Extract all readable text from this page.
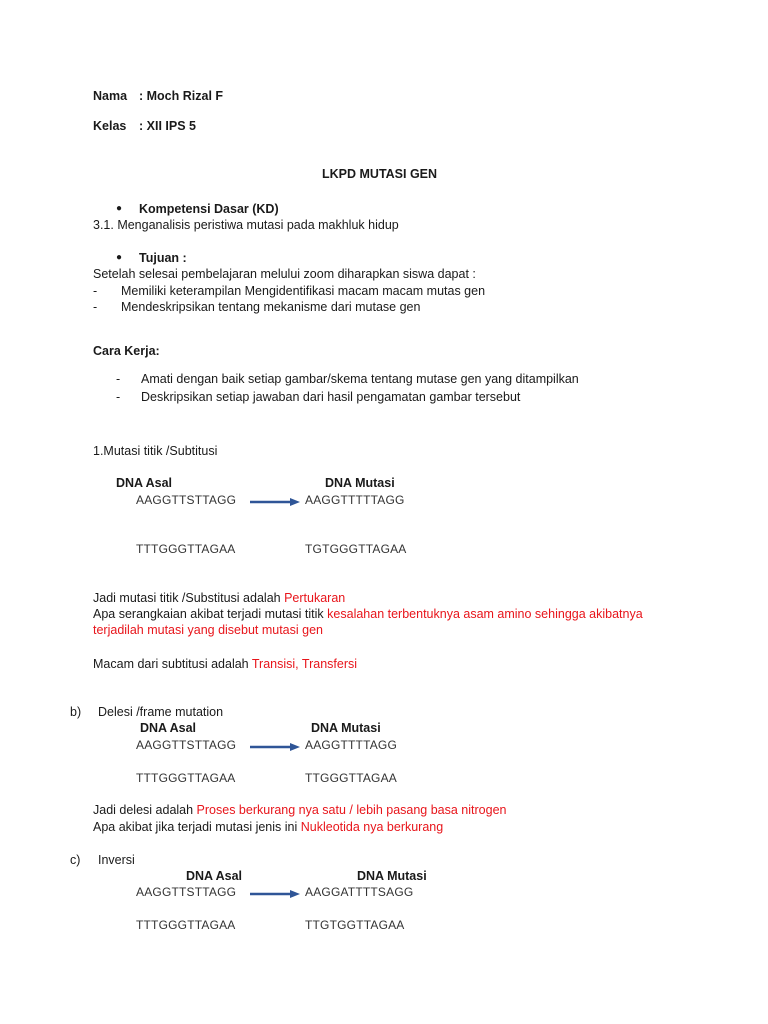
Nama : Moch Rizal F
Kelas : XII IPS 5
LKPD MUTASI GEN
● Kompetensi Dasar (KD)
3.1. Menganalisis peristiwa mutasi pada makhluk hidup
● Tujuan :
Setelah selesai pembelajaran melului zoom diharapkan siswa dapat :
- Memiliki keterampilan Mengidentifikasi macam macam mutas gen
- Mendeskripsikan tentang mekanisme dari mutase gen
Cara Kerja:
- Amati dengan baik setiap gambar/skema tentang mutase gen yang ditampilkan
- Deskripsikan setiap jawaban dari hasil pengamatan gambar tersebut
1.Mutasi titik /Subtitusi
DNA Asal	DNA Mutasi
AAGGTTSTTAGG	AAGGTTTTTAGG
TTTGGGTTAGAA	TGTGGGTTAGAA
Jadi mutasi titik /Substitusi adalah Pertukaran
Apa serangkaian akibat terjadi mutasi titik kesalahan terbentuknya asam amino sehingga akibatnya
terjadilah mutasi yang disebut mutasi gen
Macam dari subtitusi adalah Transisi, Transfersi
b) Delesi /frame mutation
DNA Asal	DNA Mutasi
AAGGTTSTTAGG	AAGGTTTTAGG
TTTGGGTTAGAA	TTGGGTTAGAA
Jadi delesi adalah Proses berkurang nya satu / lebih pasang basa nitrogen
Apa akibat jika terjadi mutasi jenis ini Nukleotida nya berkurang
c) Inversi
DNA Asal	DNA Mutasi
AAGGTTSTTAGG	AAGGATTTTSAGG
TTTGGGTTAGAA	TTGTGGTTAGAA
